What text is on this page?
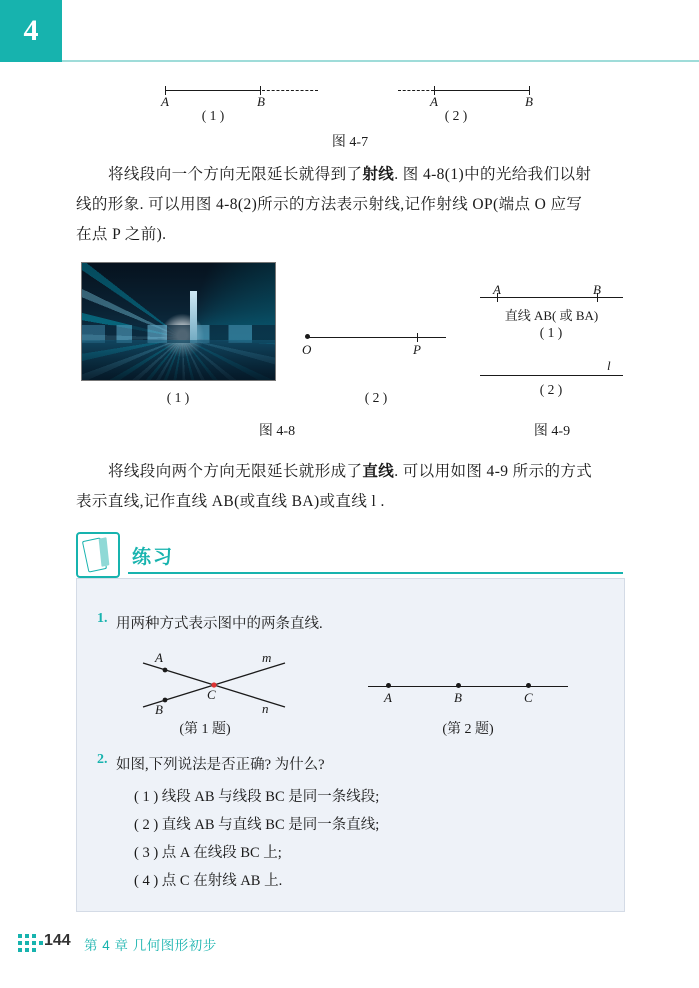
4
A	B
( 1 )
A	B
( 2 )
图 4-7
将线段向一个方向无限延长就得到了射线. 图 4-8(1)中的光给我们以射
线的形象. 可以用图 4-8(2)所示的方法表示射线,记作射线 OP(端点 O 应写
在点 P 之前).
( 1 )
O	P
( 2 )
图 4-8
A	B
直线 AB( 或 BA)
( 1 )
l
( 2 )
图 4-9
将线段向两个方向无限延长就形成了直线. 可以用如图 4-9 所示的方式
表示直线,记作直线 AB(或直线 BA)或直线 l .
练习
1. 用两种方式表示图中的两条直线.
A
B
C
m
n
(第 1 题)
A	B	C
(第 2 题)
2. 如图,下列说法是否正确? 为什么?
( 1 ) 线段 AB 与线段 BC 是同一条线段;
( 2 ) 直线 AB 与直线 BC 是同一条直线;
( 3 ) 点 A 在线段 BC 上;
( 4 ) 点 C 在射线 AB 上.
144 第 4 章 几何图形初步
